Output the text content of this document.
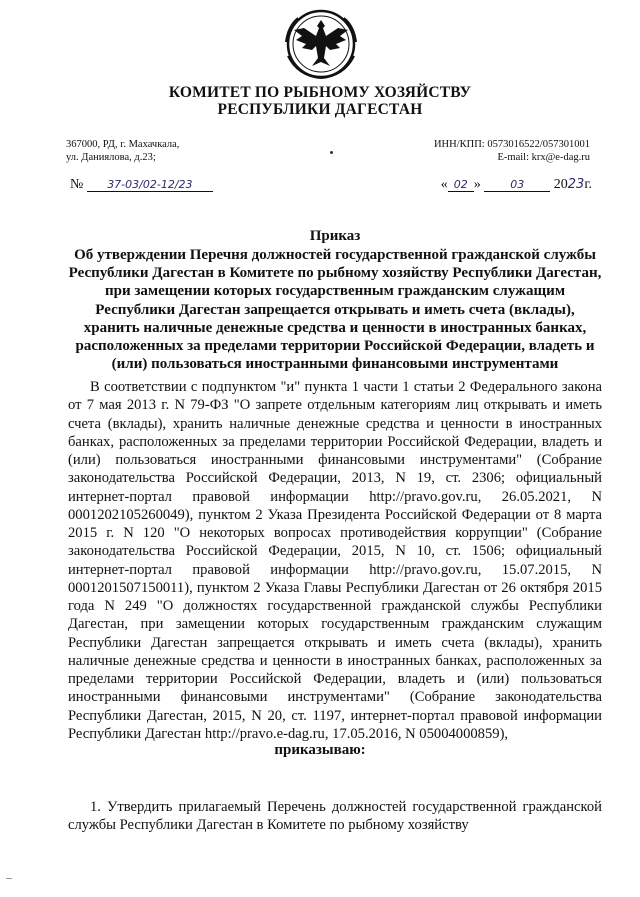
КОМИТЕТ ПО РЫБНОМУ ХОЗЯЙСТВУ
РЕСПУБЛИКИ ДАГЕСТАН
367000, РД, г. Махачкала,
ул. Даниялова, д.23;
ИНН/КПП: 0573016522/057301001
E-mail: krx@e-dag.ru
№ 37-03/02-12/23	« 02 »	03 2023г.
Приказ
Об утверждении Перечня должностей государственной гражданской службы Республики Дагестан в Комитете по рыбному хозяйству Республики Дагестан, при замещении которых государственным гражданским служащим Республики Дагестан запрещается открывать и иметь счета (вклады), хранить наличные денежные средства и ценности в иностранных банках, расположенных за пределами территории Российской Федерации, владеть и (или) пользоваться иностранными финансовыми инструментами
В соответствии с подпунктом "и" пункта 1 части 1 статьи 2 Федерального закона от 7 мая 2013 г. N 79-ФЗ "О запрете отдельным категориям лиц открывать и иметь счета (вклады), хранить наличные денежные средства и ценности в иностранных банках, расположенных за пределами территории Российской Федерации, владеть и (или) пользоваться иностранными финансовыми инструментами" (Собрание законодательства Российской Федерации, 2013, N 19, ст. 2306; официальный интернет-портал правовой информации http://pravo.gov.ru, 26.05.2021, N 0001202105260049), пунктом 2 Указа Президента Российской Федерации от 8 марта 2015 г. N 120 "О некоторых вопросах противодействия коррупции" (Собрание законодательства Российской Федерации, 2015, N 10, ст. 1506; официальный интернет-портал правовой информации http://pravo.gov.ru, 15.07.2015, N 0001201507150011), пунктом 2 Указа Главы Республики Дагестан от 26 октября 2015 года N 249 "О должностях государственной гражданской службы Республики Дагестан, при замещении которых государственным гражданским служащим Республики Дагестан запрещается открывать и иметь счета (вклады), хранить наличные денежные средства и ценности в иностранных банках, расположенных за пределами территории Российской Федерации, владеть и (или) пользоваться иностранными финансовыми инструментами" (Собрание законодательства Республики Дагестан, 2015, N 20, ст. 1197, интернет-портал правовой информации Республики Дагестан http://pravo.e-dag.ru, 17.05.2016, N 05004000859),
приказываю:
1. Утвердить прилагаемый Перечень должностей государственной гражданской службы Республики Дагестан в Комитете по рыбному хозяйству
